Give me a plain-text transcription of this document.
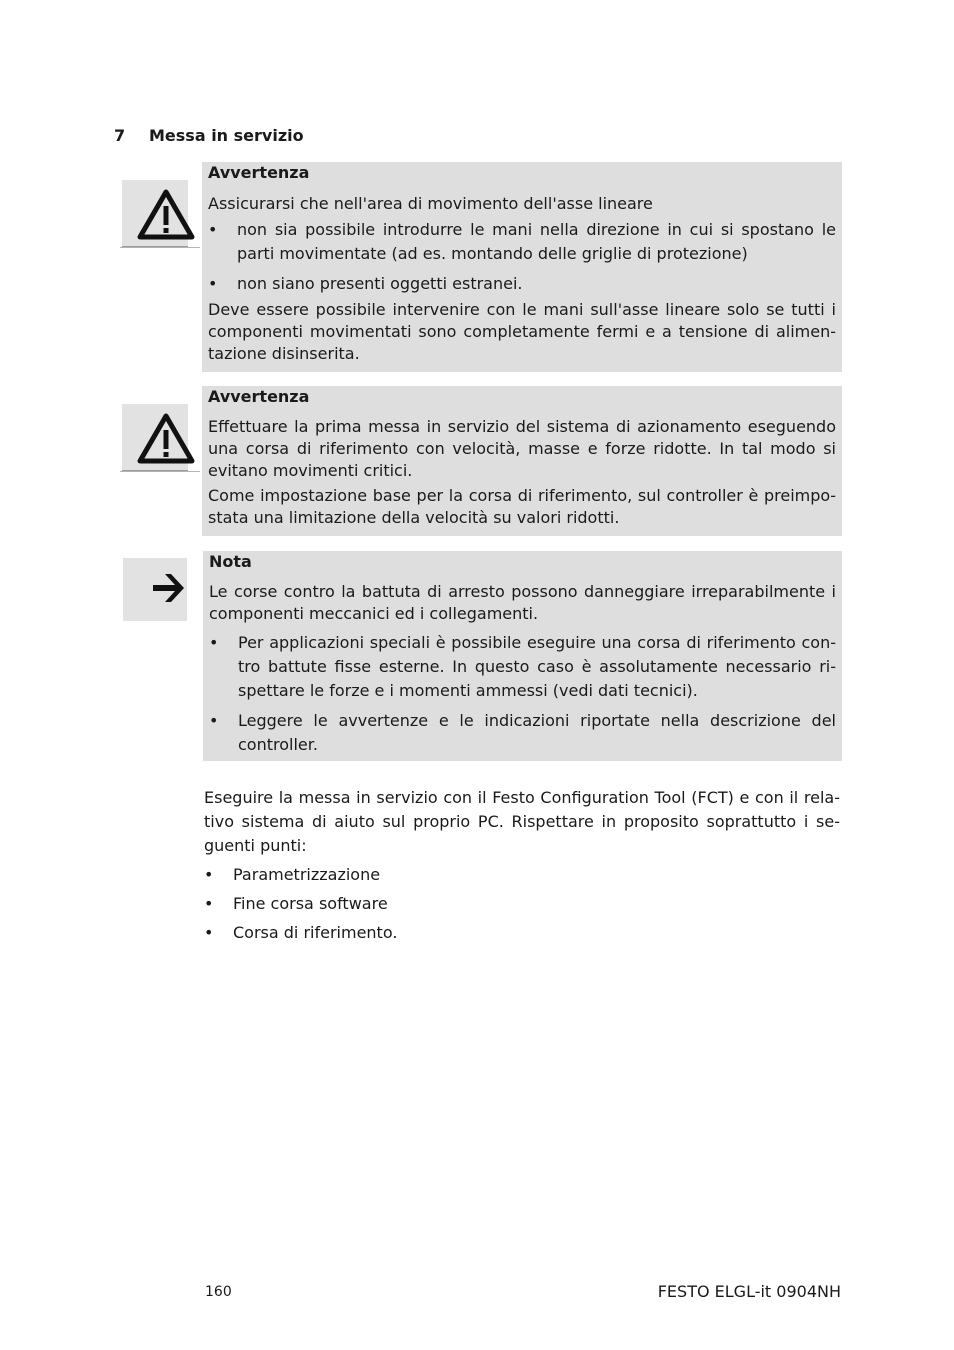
7	Messa in servizio
Avvertenza

Assicurarsi che nell'area di movimento dell'asse lineare

• non sia possibile introdurre le mani nella direzione in cui si spostano le parti movimentate (ad es. montando delle griglie di protezione)
• non siano presenti oggetti estranei.

Deve essere possibile intervenire con le mani sull'asse lineare solo se tutti i componenti movimentati sono completamente fermi e a tensione di alimentazione disinserita.

Avvertenza

Effettuare la prima messa in servizio del sistema di azionamento eseguendo una corsa di riferimento con velocità, masse e forze ridotte. In tal modo si evitano movimenti critici.

Come impostazione base per la corsa di riferimento, sul controller è preimpostata una limitazione della velocità su valori ridotti.

Nota

Le corse contro la battuta di arresto possono danneggiare irreparabilmente i componenti meccanici ed i collegamenti.

• Per applicazioni speciali è possibile eseguire una corsa di riferimento contro battute fisse esterne. In questo caso è assolutamente necessario rispettare le forze e i momenti ammessi (vedi dati tecnici).
• Leggere le avvertenze e le indicazioni riportate nella descrizione del controller.

Eseguire la messa in servizio con il Festo Configuration Tool (FCT) e con il relativo sistema di aiuto sul proprio PC. Rispettare in proposito soprattutto i seguenti punti:

• Parametrizzazione
• Fine corsa software
• Corsa di riferimento.
160	FESTO ELGL-it 0904NH
